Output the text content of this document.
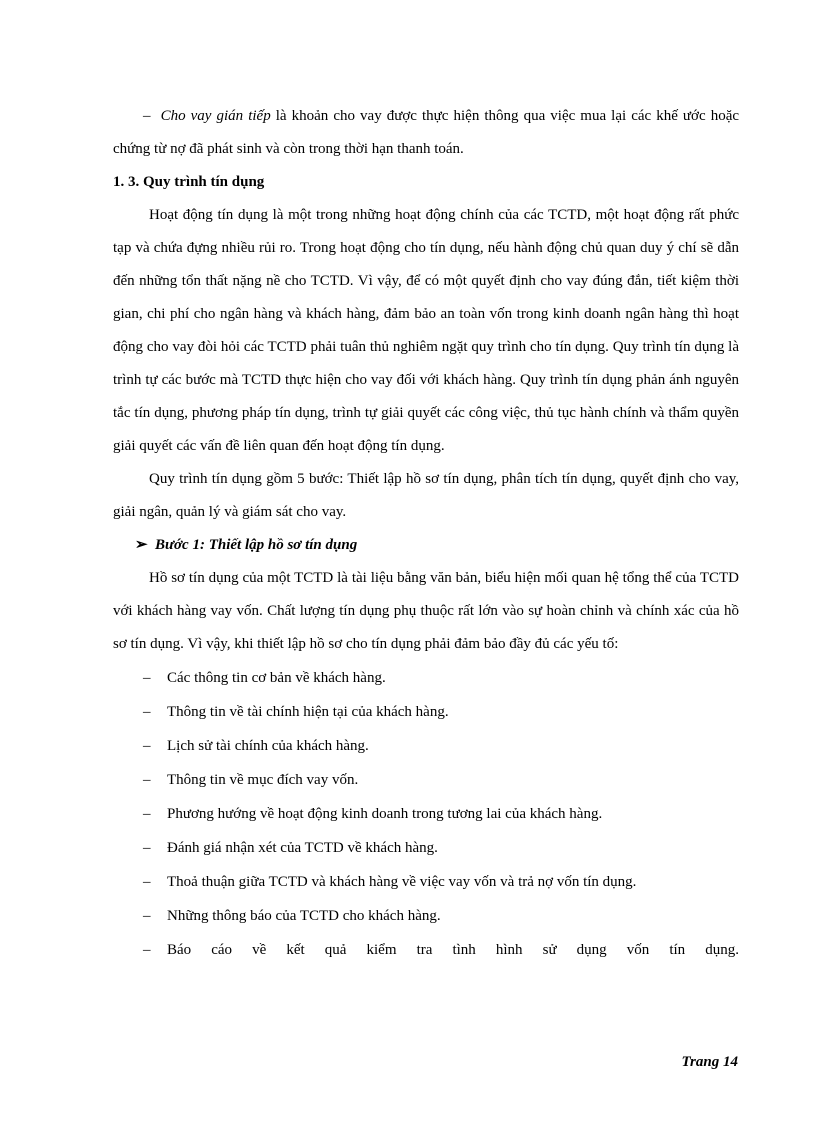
– Cho vay gián tiếp là khoản cho vay được thực hiện thông qua việc mua lại các khế ước hoặc chứng từ nợ đã phát sinh và còn trong thời hạn thanh toán.

1. 3. Quy trình tín dụng

Hoạt động tín dụng là một trong những hoạt động chính của các TCTD, một hoạt động rất phức tạp và chứa đựng nhiều rủi ro. Trong hoạt động cho tín dụng, nếu hành động chủ quan duy ý chí sẽ dẫn đến những tổn thất nặng nề cho TCTD. Vì vậy, để có một quyết định cho vay đúng đắn, tiết kiệm thời gian, chi phí cho ngân hàng và khách hàng, đảm bảo an toàn vốn trong kinh doanh ngân hàng thì hoạt động cho vay đòi hỏi các TCTD phải tuân thủ nghiêm ngặt quy trình cho tín dụng. Quy trình tín dụng là trình tự các bước mà TCTD thực hiện cho vay đối với khách hàng. Quy trình tín dụng phản ánh nguyên tắc tín dụng, phương pháp tín dụng, trình tự giải quyết các công việc, thủ tục hành chính và thẩm quyền giải quyết các vấn đề liên quan đến hoạt động tín dụng.

Quy trình tín dụng gồm 5 bước: Thiết lập hồ sơ tín dụng, phân tích tín dụng, quyết định cho vay, giải ngân, quản lý và giám sát cho vay.

➢ Bước 1: Thiết lập hồ sơ tín dụng

Hồ sơ tín dụng của một TCTD là tài liệu bằng văn bản, biểu hiện mối quan hệ tổng thể của TCTD với khách hàng vay vốn. Chất lượng tín dụng phụ thuộc rất lớn vào sự hoàn chỉnh và chính xác của hồ sơ tín dụng. Vì vậy, khi thiết lập hồ sơ cho tín dụng phải đảm bảo đầy đủ các yếu tố:

– Các thông tin cơ bản về khách hàng.

– Thông tin về tài chính hiện tại của khách hàng.

– Lịch sử tài chính của khách hàng.

– Thông tin về mục đích vay vốn.

– Phương hướng về hoạt động kinh doanh trong tương lai của khách hàng.

– Đánh giá nhận xét của TCTD về khách hàng.

– Thoả thuận giữa TCTD và khách hàng về việc vay vốn và trả nợ vốn tín dụng.

– Những thông báo của TCTD cho khách hàng.

– Báo cáo về kết quả kiểm tra tình hình sử dụng vốn tín dụng.

Trang 14
